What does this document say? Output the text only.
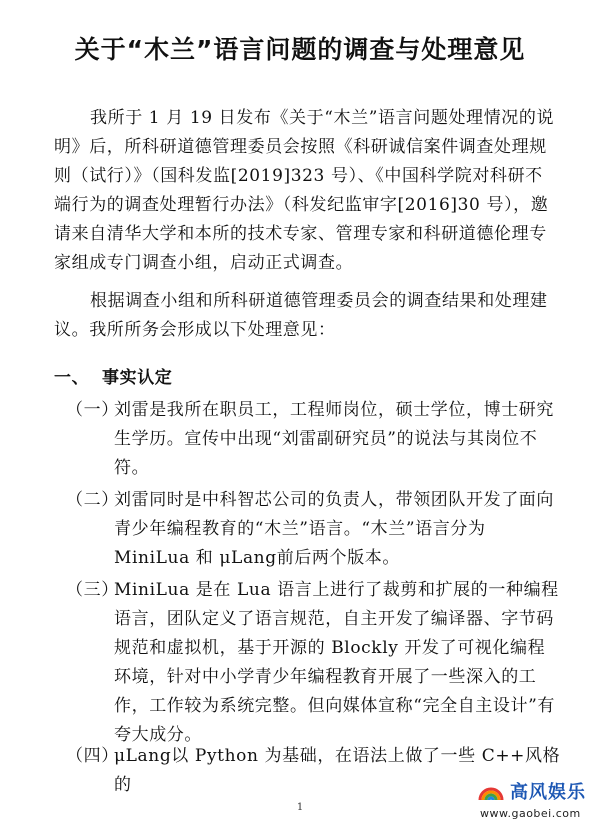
关于“木兰”语言问题的调查与处理意见
我所于 1 月 19 日发布《关于“木兰”语言问题处理情况的说明》后，所科研道德管理委员会按照《科研诚信案件调查处理规则（试行）》（国科发监[2019]323 号）、《中国科学院对科研不端行为的调查处理暂行办法》（科发纪监审字[2016]30 号），邀请来自清华大学和本所的技术专家、管理专家和科研道德伦理专家组成专门调查小组，启动正式调查。
根据调查小组和所科研道德管理委员会的调查结果和处理建议。我所所务会形成以下处理意见：
一、 事实认定
（一）
刘雷是我所在职员工，工程师岗位，硕士学位，博士研究生学历。宣传中出现“刘雷副研究员”的说法与其岗位不符。
（二）
刘雷同时是中科智芯公司的负责人，带领团队开发了面向青少年编程教育的“木兰”语言。“木兰”语言分为 MiniLua 和 μLang前后两个版本。
（三）
MiniLua 是在 Lua 语言上进行了裁剪和扩展的一种编程语言，团队定义了语言规范，自主开发了编译器、字节码规范和虚拟机，基于开源的 Blockly 开发了可视化编程环境，针对中小学青少年编程教育开展了一些深入的工作，工作较为系统完整。但向媒体宣称“完全自主设计”有夸大成分。
（四）
μLang以 Python 为基础，在语法上做了一些 C++风格的
1
高风娱乐
www.gaobei.com
